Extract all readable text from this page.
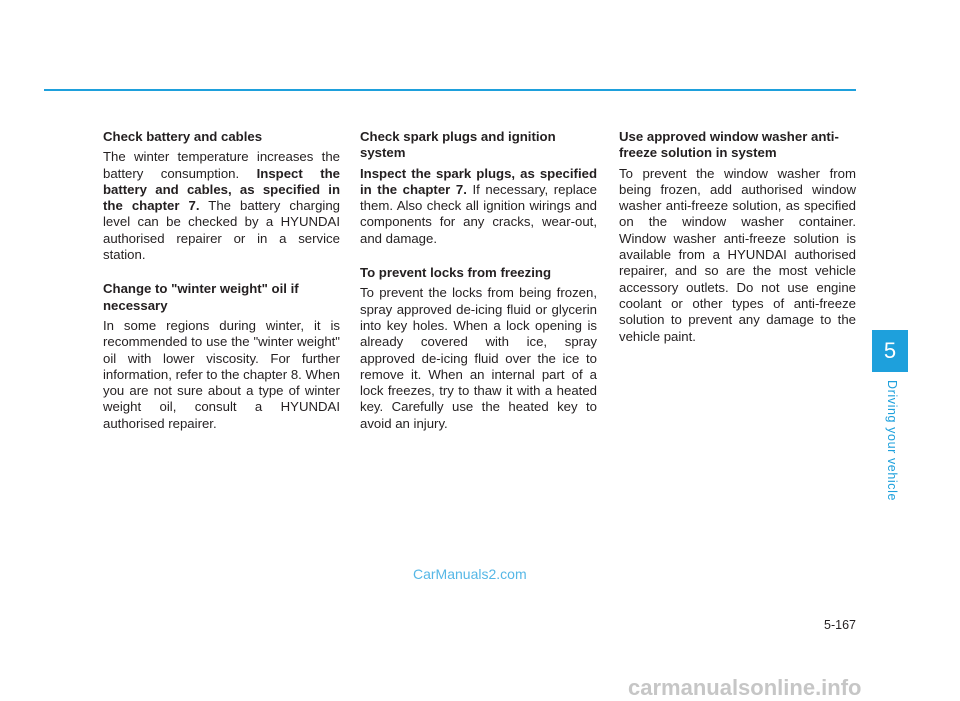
Check battery and cables

The winter temperature increases the battery consumption. Inspect the battery and cables, as specified in the chapter 7. The battery charging level can be checked by a HYUNDAI authorised repairer or in a service station.

Change to "winter weight" oil if necessary

In some regions during winter, it is recommended to use the "winter weight" oil with lower viscosity. For further information, refer to the chapter 8. When you are not sure about a type of winter weight oil, consult a HYUNDAI authorised repairer.

Check spark plugs and ignition system

Inspect the spark plugs, as specified in the chapter 7. If necessary, replace them. Also check all ignition wirings and components for any cracks, wear-out, and damage.

To prevent locks from freezing

To prevent the locks from being frozen, spray approved de-icing fluid or glycerin into key holes. When a lock opening is already covered with ice, spray approved de-icing fluid over the ice to remove it. When an internal part of a lock freezes, try to thaw it with a heated key. Carefully use the heated key to avoid an injury.

Use approved window washer anti-freeze solution in system

To prevent the window washer from being frozen, add authorised window washer anti-freeze solution, as specified on the window washer container. Window washer anti-freeze solution is available from a HYUNDAI authorised repairer, and so are the most vehicle accessory outlets. Do not use engine coolant or other types of anti-freeze solution to prevent any damage to the vehicle paint.

5
Driving your vehicle
5-167
CarManuals2.com
carmanualsonline.info
